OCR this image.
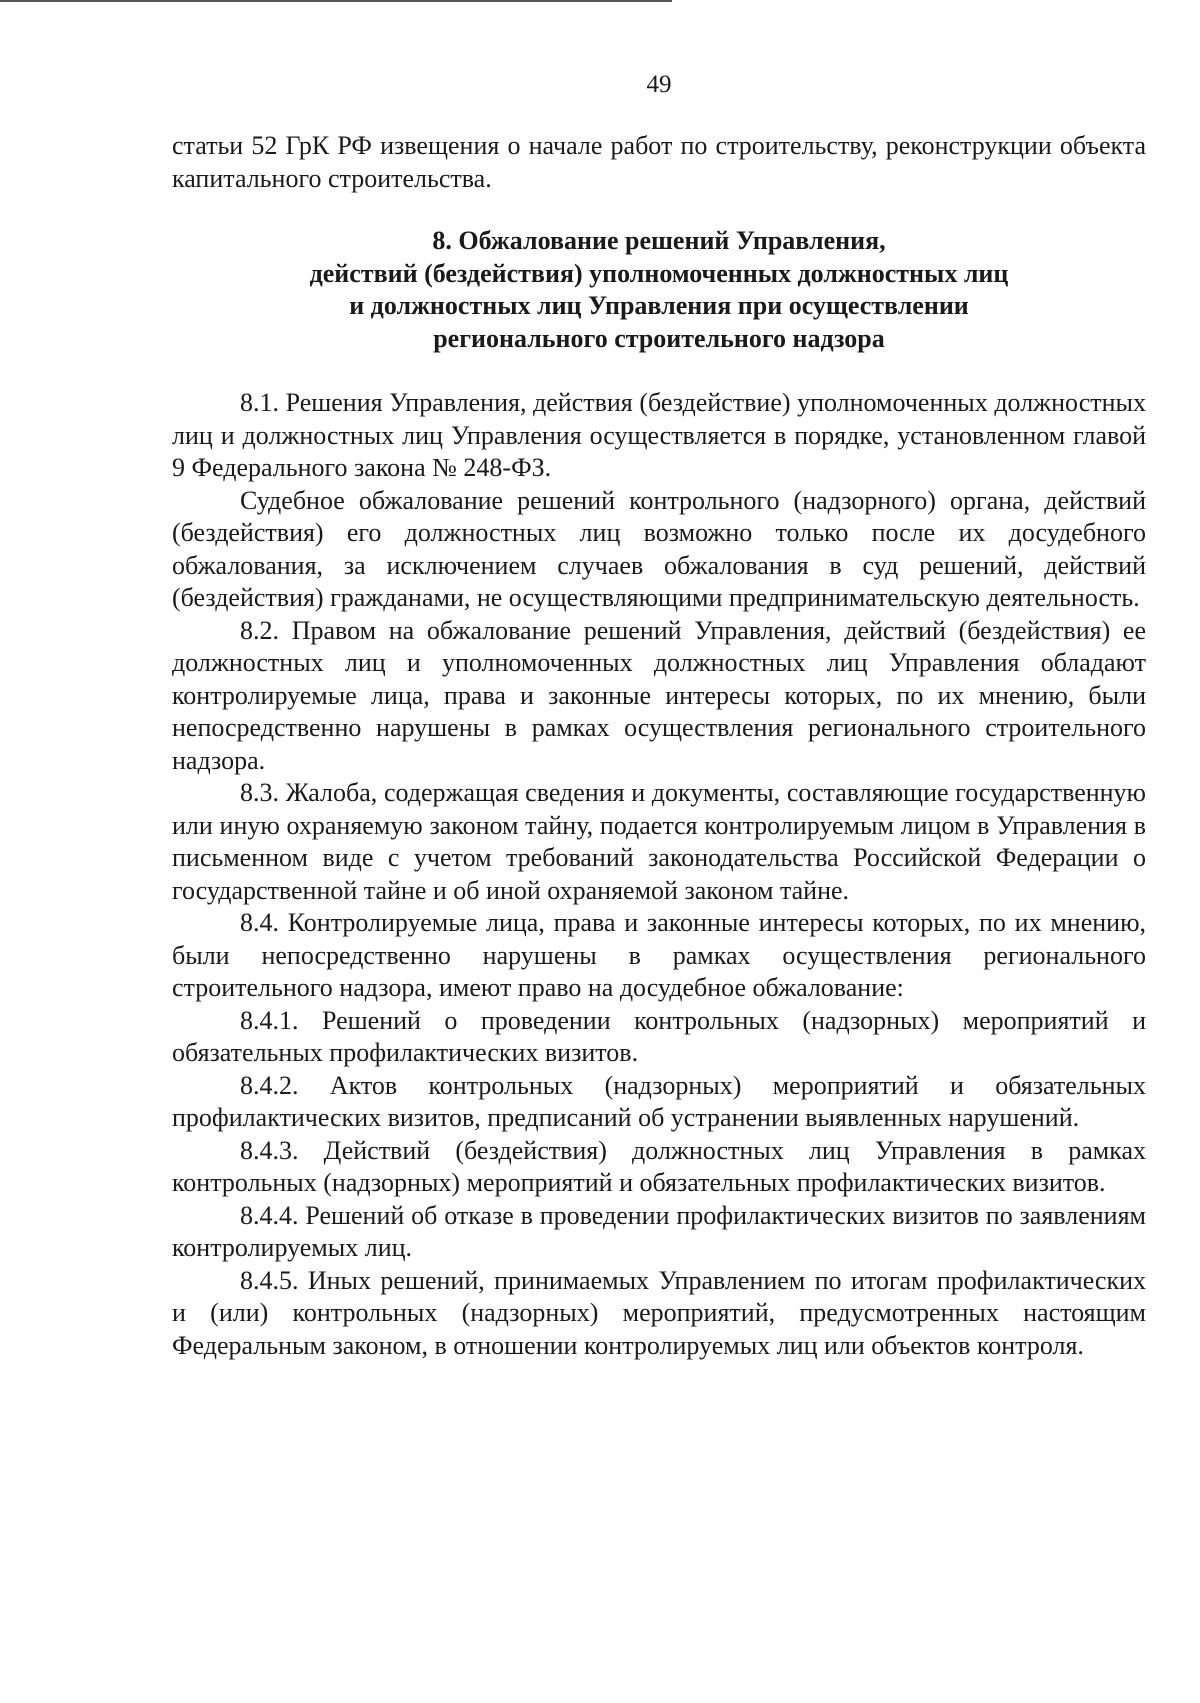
49

статьи 52 ГрК РФ извещения о начале работ по строительству, реконструкции объекта капитального строительства.

8. Обжалование решений Управления,
действий (бездействия) уполномоченных должностных лиц
и должностных лиц Управления при осуществлении
регионального строительного надзора

8.1. Решения Управления, действия (бездействие) уполномоченных должностных лиц и должностных лиц Управления осуществляется в порядке, установленном главой 9 Федерального закона № 248-ФЗ.

Судебное обжалование решений контрольного (надзорного) органа, действий (бездействия) его должностных лиц возможно только после их досудебного обжалования, за исключением случаев обжалования в суд решений, действий (бездействия) гражданами, не осуществляющими предпринимательскую деятельность.

8.2. Правом на обжалование решений Управления, действий (бездействия) ее должностных лиц и уполномоченных должностных лиц Управления обладают контролируемые лица, права и законные интересы которых, по их мнению, были непосредственно нарушены в рамках осуществления регионального строительного надзора.

8.3. Жалоба, содержащая сведения и документы, составляющие государственную или иную охраняемую законом тайну, подается контролируемым лицом в Управления в письменном виде с учетом требований законодательства Российской Федерации о государственной тайне и об иной охраняемой законом тайне.

8.4. Контролируемые лица, права и законные интересы которых, по их мнению, были непосредственно нарушены в рамках осуществления регионального строительного надзора, имеют право на досудебное обжалование:

8.4.1. Решений о проведении контрольных (надзорных) мероприятий и обязательных профилактических визитов.

8.4.2. Актов контрольных (надзорных) мероприятий и обязательных профилактических визитов, предписаний об устранении выявленных нарушений.

8.4.3. Действий (бездействия) должностных лиц Управления в рамках контрольных (надзорных) мероприятий и обязательных профилактических визитов.

8.4.4. Решений об отказе в проведении профилактических визитов по заявлениям контролируемых лиц.

8.4.5. Иных решений, принимаемых Управлением по итогам профилактических и (или) контрольных (надзорных) мероприятий, предусмотренных настоящим Федеральным законом, в отношении контролируемых лиц или объектов контроля.
